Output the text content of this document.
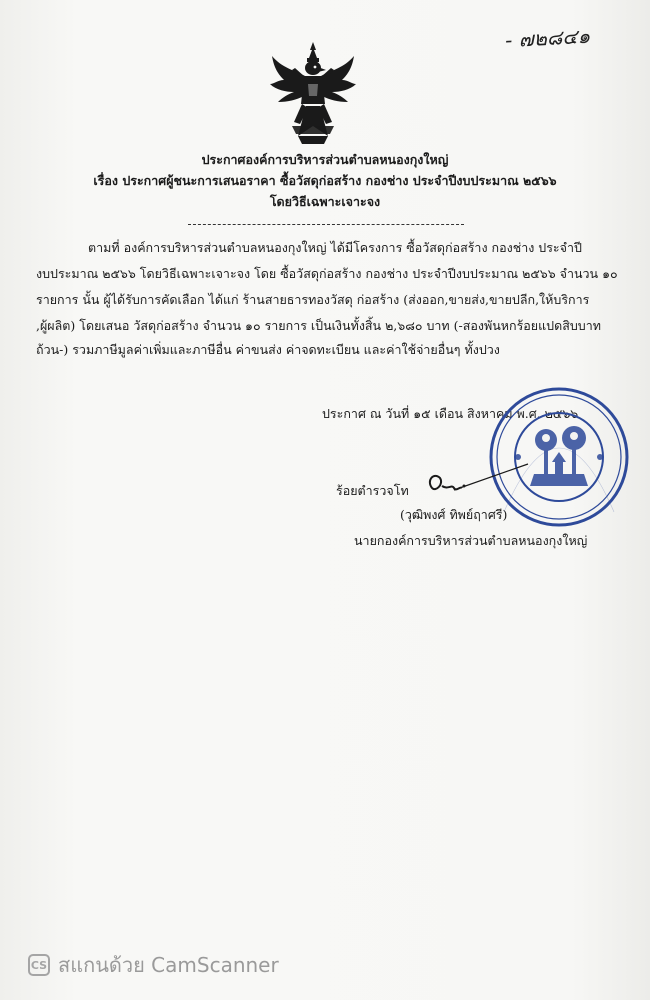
- ๗๒๘๔๑
ประกาศองค์การบริหารส่วนตำบลหนองกุงใหญ่
เรื่อง ประกาศผู้ชนะการเสนอราคา ซื้อวัสดุก่อสร้าง กองช่าง ประจำปีงบประมาณ ๒๕๖๖
โดยวิธีเฉพาะเจาะจง
ตามที่ องค์การบริหารส่วนตำบลหนองกุงใหญ่ ได้มีโครงการ ซื้อวัสดุก่อสร้าง กองช่าง ประจำปี
งบประมาณ ๒๕๖๖ โดยวิธีเฉพาะเจาะจง โดย ซื้อวัสดุก่อสร้าง กองช่าง ประจำปีงบประมาณ ๒๕๖๖ จำนวน ๑๐
รายการ นั้น ผู้ได้รับการคัดเลือก ได้แก่ ร้านสายธารทองวัสดุ ก่อสร้าง (ส่งออก,ขายส่ง,ขายปลีก,ให้บริการ
,ผู้ผลิต) โดยเสนอ วัสดุก่อสร้าง จำนวน ๑๐ รายการ เป็นเงินทั้งสิ้น ๒,๖๘๐ บาท (-สองพันหกร้อยแปดสิบบาท
ถ้วน-) รวมภาษีมูลค่าเพิ่มและภาษีอื่น ค่าขนส่ง ค่าจดทะเบียน และค่าใช้จ่ายอื่นๆ ทั้งปวง
ประกาศ ณ วันที่ ๑๕ เดือน สิงหาคม พ.ศ. ๒๕๖๖
ร้อยตำรวจโท
(วุฒิพงศ์ ทิพย์ฤาศรี)
นายกองค์การบริหารส่วนตำบลหนองกุงใหญ่
CS สแกนด้วย CamScanner
